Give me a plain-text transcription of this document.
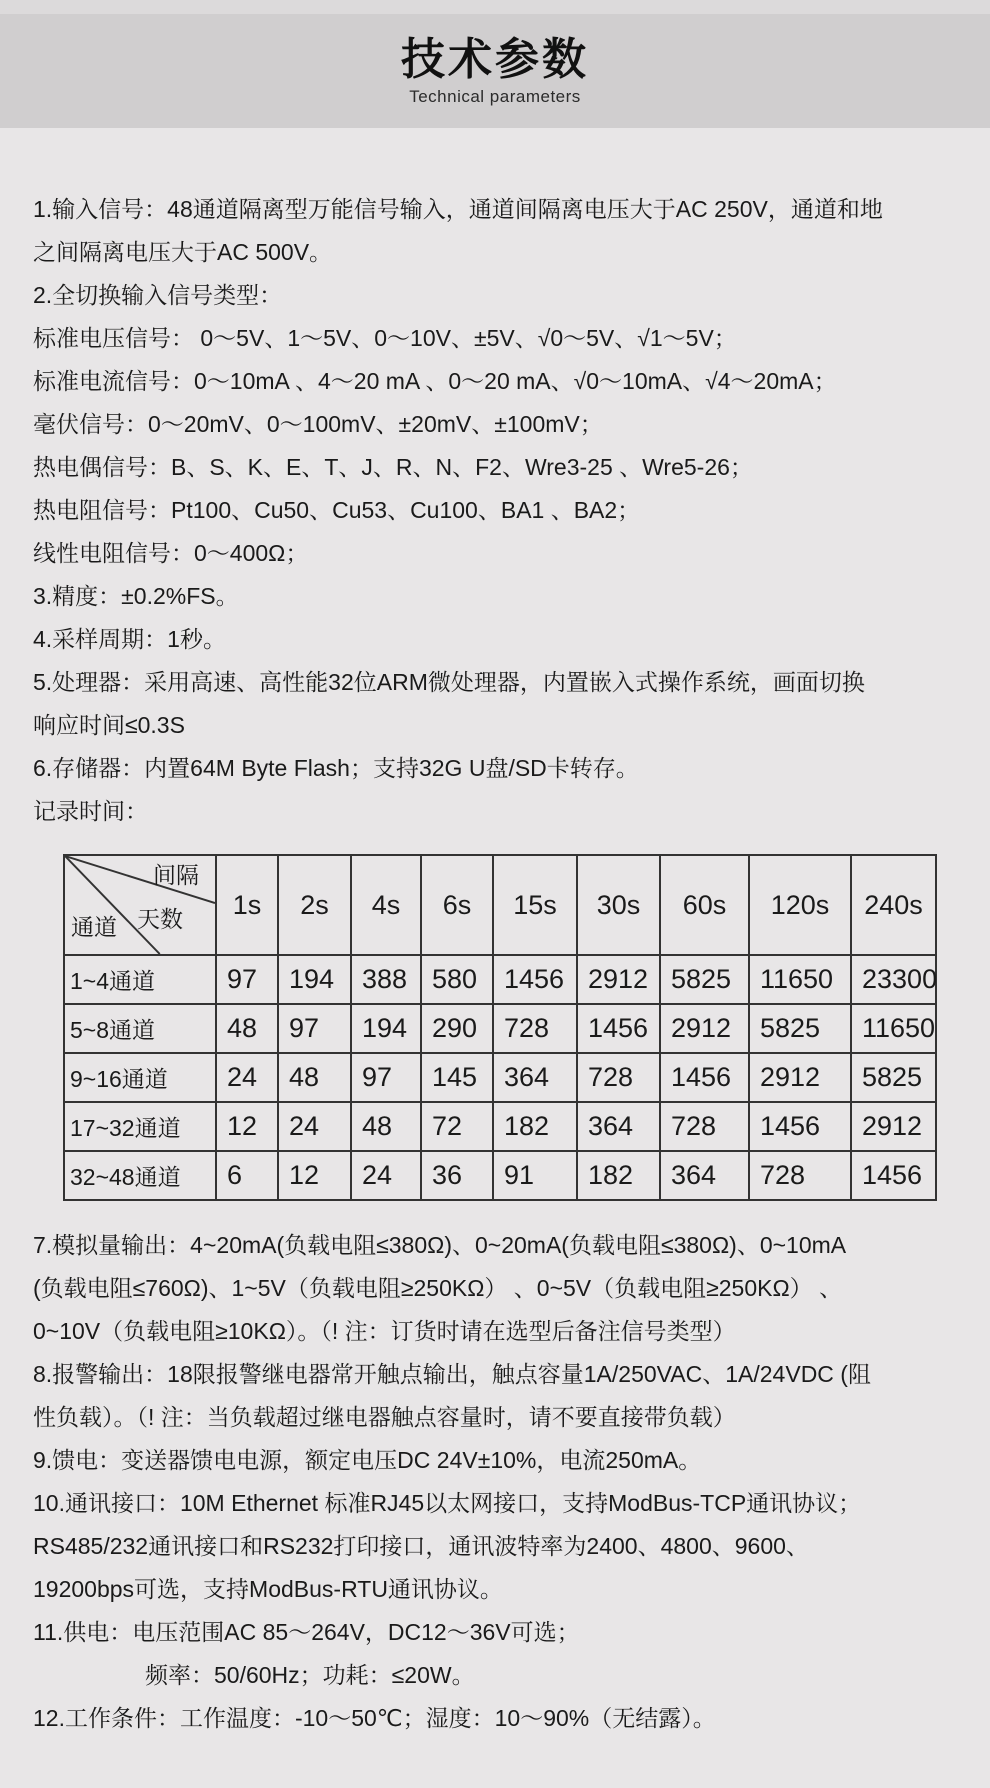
技术参数
Technical parameters
1.输入信号：48通道隔离型万能信号输入，通道间隔离电压大于AC 250V，通道和地
之间隔离电压大于AC 500V。
2.全切换输入信号类型：
标准电压信号： 0～5V、1～5V、0～10V、±5V、√0～5V、√1～5V；
标准电流信号：0～10mA 、4～20 mA 、0～20 mA、√0～10mA、√4～20mA；
毫伏信号：0～20mV、0～100mV、±20mV、±100mV；
热电偶信号：B、S、K、E、T、J、R、N、F2、Wre3-25 、Wre5-26；
热电阻信号：Pt100、Cu50、Cu53、Cu100、BA1 、BA2；
线性电阻信号：0～400Ω；
3.精度：±0.2%FS。
4.采样周期：1秒。
5.处理器：采用高速、高性能32位ARM微处理器，内置嵌入式操作系统，画面切换
响应时间≤0.3S
6.存储器：内置64M Byte Flash；支持32G U盘/SD卡转存。
记录时间：
间隔
天数
通道	1s	2s	4s	6s	15s	30s	60s	120s	240s
1~4通道	97	194	388	580	1456	2912	5825	11650	23300
5~8通道	48	97	194	290	728	1456	2912	5825	11650
9~16通道	24	48	97	145	364	728	1456	2912	5825
17~32通道	12	24	48	72	182	364	728	1456	2912
32~48通道	6	12	24	36	91	182	364	728	1456
7.模拟量输出：4~20mA(负载电阻≤380Ω)、0~20mA(负载电阻≤380Ω)、0~10mA
(负载电阻≤760Ω)、1~5V（负载电阻≥250KΩ） 、0~5V（负载电阻≥250KΩ） 、
0~10V（负载电阻≥10KΩ）。（! 注：订货时请在选型后备注信号类型）
8.报警输出：18限报警继电器常开触点输出，触点容量1A/250VAC、1A/24VDC (阻
性负载）。（! 注：当负载超过继电器触点容量时，请不要直接带负载）
9.馈电：变送器馈电电源，额定电压DC 24V±10%，电流250mA。
10.通讯接口：10M Ethernet 标准RJ45以太网接口，支持ModBus-TCP通讯协议；
RS485/232通讯接口和RS232打印接口，通讯波特率为2400、4800、9600、
19200bps可选，支持ModBus-RTU通讯协议。
11.供电：电压范围AC 85～264V，DC12～36V可选；
频率：50/60Hz；功耗：≤20W。
12.工作条件：工作温度：-10～50℃；湿度：10～90%（无结露）。
